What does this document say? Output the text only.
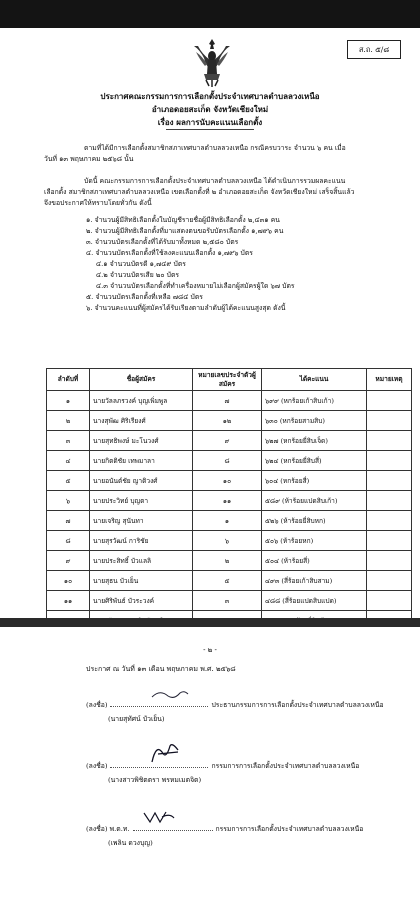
ส.ถ. ๕/๘
ประกาศคณะกรรมการการเลือกตั้งประจำเทศบาลตำบลลวงเหนือ
อำเภอดอยสะเก็ด จังหวัดเชียงใหม่
เรื่อง ผลการนับคะแนนเลือกตั้ง
ตามที่ได้มีการเลือกตั้งสมาชิกสภาเทศบาลตำบลลวงเหนือ กรณีครบวาระ จำนวน ๖ คน เมื่อ
วันที่ ๑๓ พฤษภาคม ๒๕๖๘ นั้น
บัดนี้ คณะกรรมการการเลือกตั้งประจำเทศบาลตำบลลวงเหนือ ได้ดำเนินการรวมผลคะแนน
เลือกตั้ง สมาชิกสภาเทศบาลตำบลลวงเหนือ เขตเลือกตั้งที่ ๒ อำเภอดอยสะเก็ด จังหวัดเชียงใหม่ เสร็จสิ้นแล้ว
จึงขอประกาศให้ทราบโดยทั่วกัน ดังนี้
๑. จำนวนผู้มีสิทธิเลือกตั้งในบัญชีรายชื่อผู้มีสิทธิเลือกตั้ง ๒,๔๓๑ คน
๒. จำนวนผู้มีสิทธิเลือกตั้งที่มาแสดงตนขอรับบัตรเลือกตั้ง ๑,๗๙๖ คน
๓. จำนวนบัตรเลือกตั้งที่ได้รับมาทั้งหมด ๒,๕๘๐ บัตร
๔. จำนวนบัตรเลือกตั้งที่ใช้ลงคะแนนเลือกตั้ง ๑,๗๙๖ บัตร
๔.๑ จำนวนบัตรดี ๑,๗๔๙ บัตร
๔.๒ จำนวนบัตรเสีย ๒๐ บัตร
๔.๓ จำนวนบัตรเลือกตั้งที่ทำเครื่องหมายไม่เลือกผู้สมัครผู้ใด ๖๗ บัตร
๕. จำนวนบัตรเลือกตั้งที่เหลือ ๗๘๔ บัตร
๖. จำนวนคะแนนที่ผู้สมัครได้รับเรียงตามลำดับผู้ได้คะแนนสูงสุด ดังนี้
ลำดับที่	ชื่อผู้สมัคร	หมายเลขประจำตัวผู้สมัคร	ได้คะแนน	หมายเหตุ
๑	นายวัลลภรวงค์ บุญเพิ่มพูล	๗	๖๙๙ (หกร้อยเก้าสิบเก้า)	
๒	นางสุพัฒ ศิริเรียงศ์	๑๒	๖๓๐ (หกร้อยสามสิบ)	
๓	นายสุทธิพงษ์ มะโนวงศ์	๙	๖๒๗ (หกร้อยยี่สิบเจ็ด)	
๔	นายกิตติชัย เทพมาลา	๘	๖๒๔ (หกร้อยยี่สิบสี่)	
๕	นายอนันต์ชัย ญาติวงศ์	๑๐	๖๐๔ (หกร้อยสี่)	
๖	นายประวิทย์ บุญตา	๑๑	๕๘๙ (ห้าร้อยแปดสิบเก้า)	
๗	นายเจริญ สุนันทา	๑	๕๒๖ (ห้าร้อยยี่สิบหก)	
๘	นายสุรวัฒน์ การิชัย	๖	๕๐๖ (ห้าร้อยหก)	
๙	นายประสิทธิ์ บัวแลลิ	๒	๕๐๔ (ห้าร้อยสี่)	
๑๐	นายสุธน บัวเย็น	๕	๔๙๓ (สี่ร้อยเก้าสิบสาม)	
๑๑	นายศิริพันธ์ บัวระวงค์	๓	๔๘๘ (สี่ร้อยแปดสิบแปด)	

- ๒ -
ประกาศ ณ วันที่ ๑๓ เดือน พฤษภาคม พ.ศ. ๒๕๖๘
(ลงชื่อ)	ประธานกรรมการการเลือกตั้งประจำเทศบาลตำบลลวงเหนือ
(นายสุทัศน์ บัวเย็น)
(ลงชื่อ)	กรรมการการเลือกตั้งประจำเทศบาลตำบลลวงเหนือ
(นางสาวพิชิตตรา พรหมเมตจิต)
(ลงชื่อ) พ.ต.ท.	กรรมการการเลือกตั้งประจำเทศบาลตำบลลวงเหนือ
(เพลิน ดวงบุญ)
